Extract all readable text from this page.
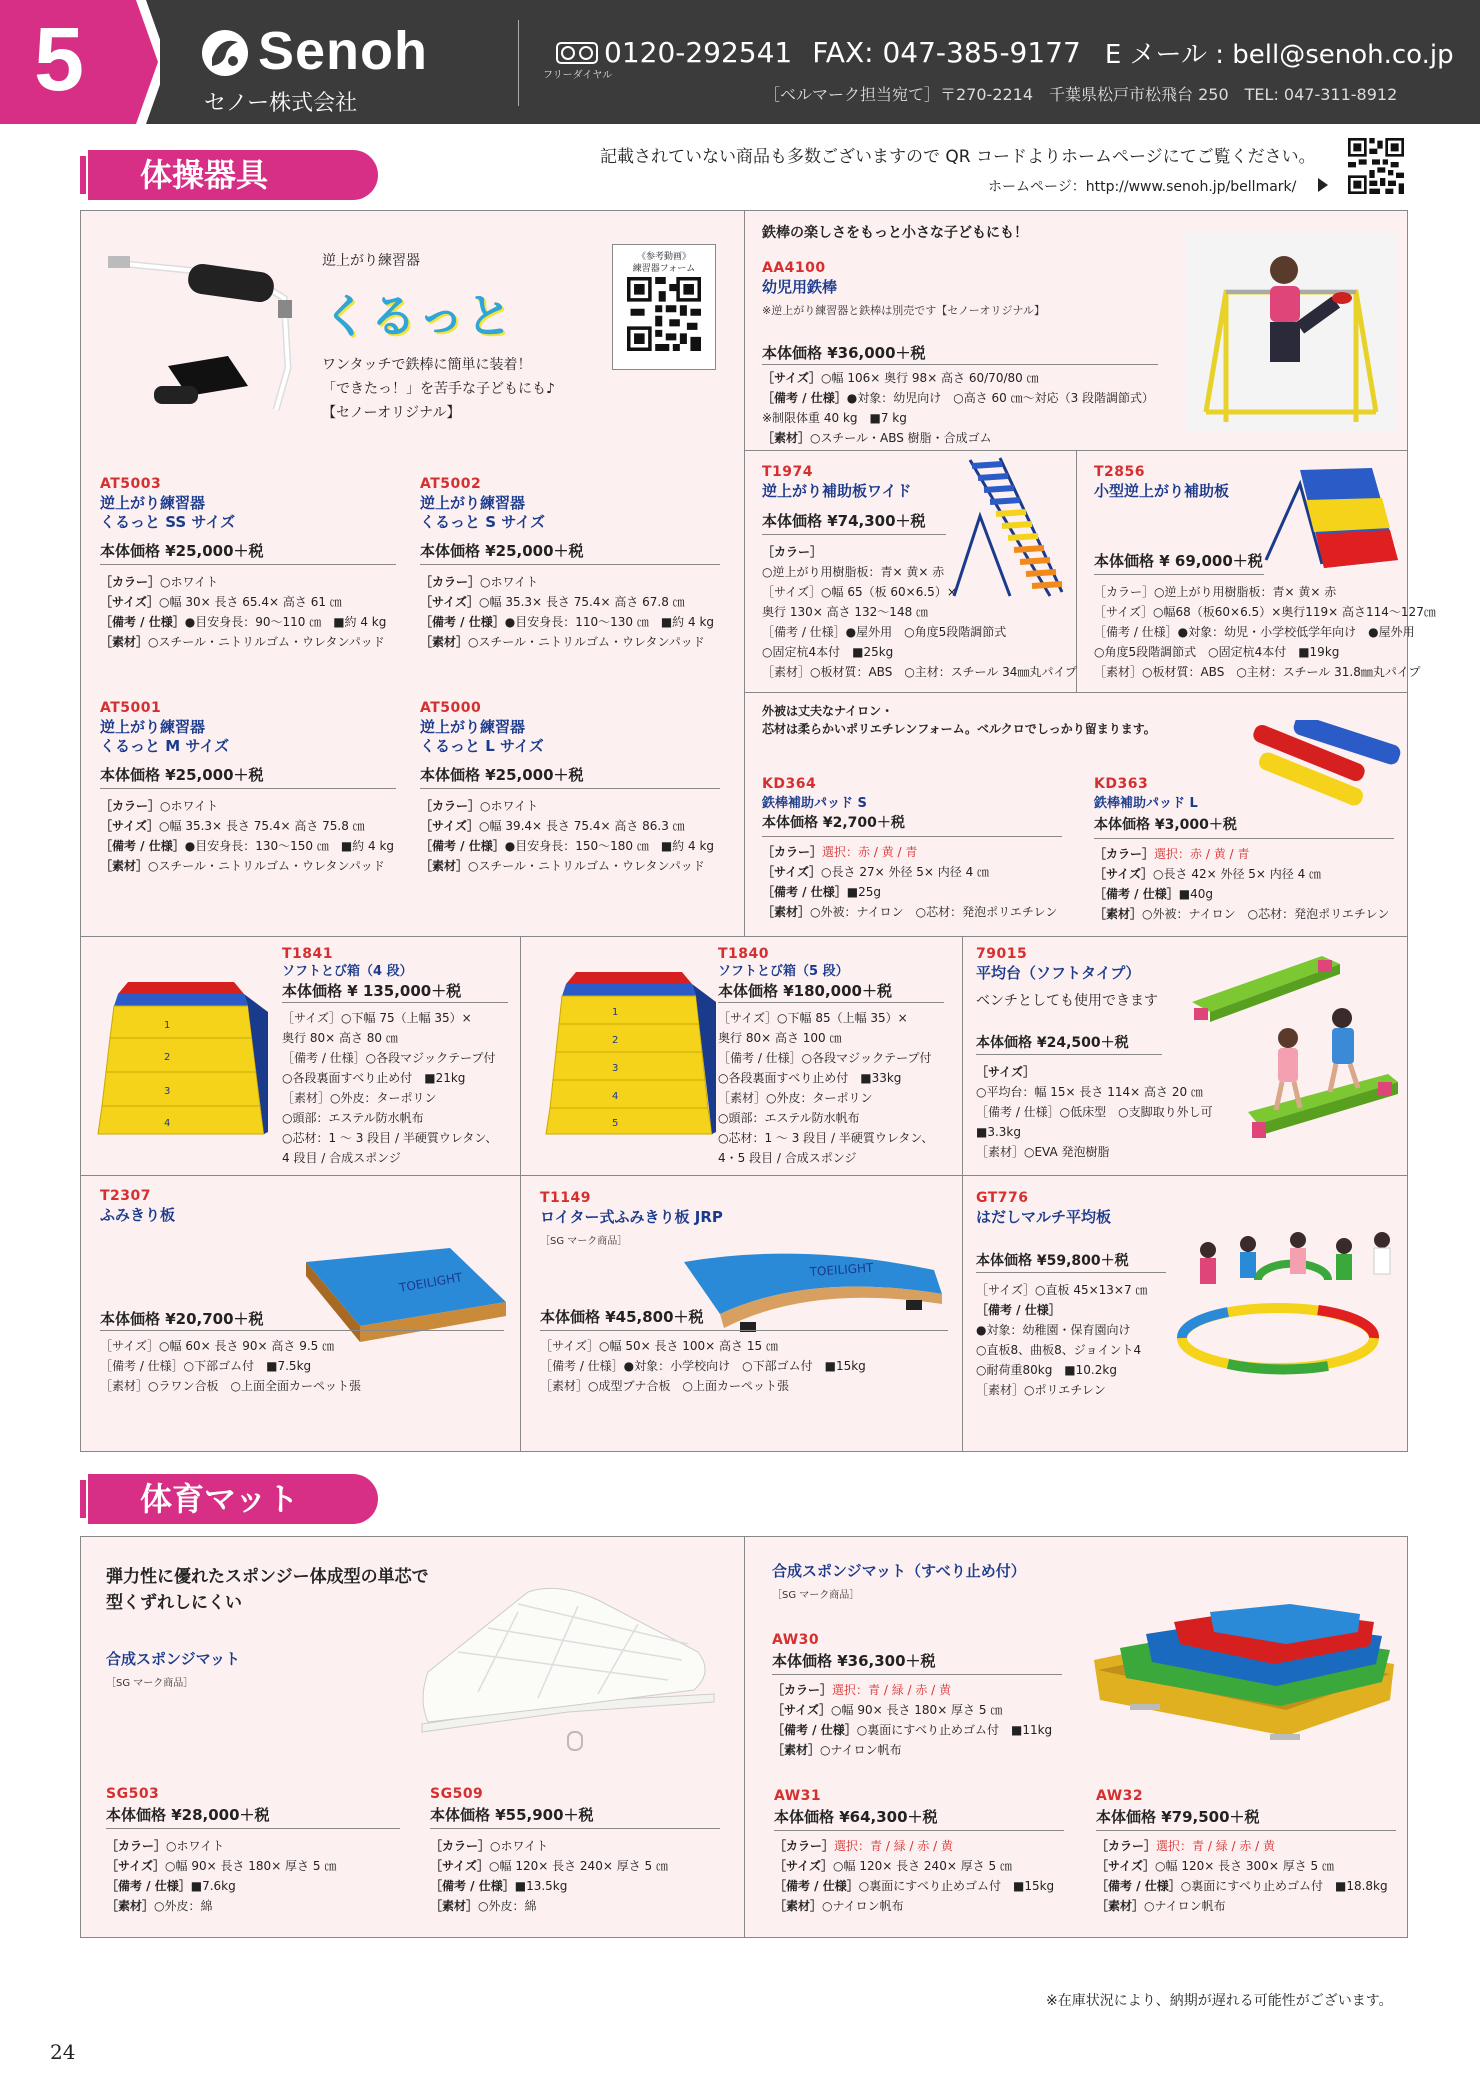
5	Senoh
セノー株式会社
0120-292541 FAX: 047-385-9177 E メール : bell@senoh.co.jp
フリーダイヤル
［ベルマーク担当宛て］〒270-2214　千葉県松戸市松飛台 250　TEL: 047-311-8912
体操器具	記載されていない商品も多数ございますので QR コードよりホームページにてご覧ください。
ホームページ：http://www.senoh.jp/bellmark/
逆上がり練習器
くるっと
ワンタッチで鉄棒に簡単に装着！
「できたっ！」を苦手な子どもにも♪
【セノーオリジナル】
《参考動画》
練習器フォーム
AT5003
逆上がり練習器
くるっと SS サイズ
本体価格 ¥25,000＋税
［カラー］○ホワイト
［サイズ］○幅 30× 長さ 65.4× 高さ 61 ㎝
［備考 / 仕様］●目安身長：90～110 ㎝　■約 4 kg
［素材］○スチール・ニトリルゴム・ウレタンパッド
AT5002
逆上がり練習器
くるっと S サイズ
本体価格 ¥25,000＋税
［カラー］○ホワイト
［サイズ］○幅 35.3× 長さ 75.4× 高さ 67.8 ㎝
［備考 / 仕様］●目安身長：110～130 ㎝　■約 4 kg
［素材］○スチール・ニトリルゴム・ウレタンパッド
AT5001
逆上がり練習器
くるっと M サイズ
本体価格 ¥25,000＋税
［カラー］○ホワイト
［サイズ］○幅 35.3× 長さ 75.4× 高さ 75.8 ㎝
［備考 / 仕様］●目安身長：130～150 ㎝　■約 4 kg
［素材］○スチール・ニトリルゴム・ウレタンパッド
AT5000
逆上がり練習器
くるっと L サイズ
本体価格 ¥25,000＋税
［カラー］○ホワイト
［サイズ］○幅 39.4× 長さ 75.4× 高さ 86.3 ㎝
［備考 / 仕様］●目安身長：150～180 ㎝　■約 4 kg
［素材］○スチール・ニトリルゴム・ウレタンパッド
鉄棒の楽しさをもっと小さな子どもにも！
AA4100
幼児用鉄棒
※逆上がり練習器と鉄棒は別売です【セノーオリジナル】
本体価格 ¥36,000＋税
［サイズ］○幅 106× 奥行 98× 高さ 60/70/80 ㎝
［備考 / 仕様］●対象：幼児向け　○高さ 60 ㎝～対応（3 段階調節式）
※制限体重 40 kg　■7 kg
［素材］○スチール・ABS 樹脂・合成ゴム
T1974
逆上がり補助板ワイド
本体価格 ¥74,300＋税
［カラー］
○逆上がり用樹脂板：青× 黄× 赤
［サイズ］○幅 65（板 60×6.5）×
奥行 130× 高さ 132～148 ㎝
［備考 / 仕様］●屋外用　○角度5段階調節式
○固定杭4本付　■25kg
［素材］○板材質：ABS　○主材：スチール 34㎜丸パイプ
T2856
小型逆上がり補助板
本体価格 ¥ 69,000＋税
［カラー］○逆上がり用樹脂板：青× 黄× 赤
［サイズ］○幅68（板60×6.5）×奥行119× 高さ114～127㎝
［備考 / 仕様］●対象：幼児・小学校低学年向け　●屋外用
○角度5段階調節式　○固定杭4本付　■19kg
［素材］○板材質：ABS　○主材：スチール 31.8㎜丸パイプ
外被は丈夫なナイロン・
芯材は柔らかいポリエチレンフォーム。ベルクロでしっかり留まります。
KD364
鉄棒補助パッド S
本体価格 ¥2,700＋税
［カラー］選択：赤 / 黄 / 青
［サイズ］○長さ 27× 外径 5× 内径 4 ㎝
［備考 / 仕様］■25g
［素材］○外被：ナイロン　○芯材：発泡ポリエチレン
KD363
鉄棒補助パッド L
本体価格 ¥3,000＋税
［カラー］選択：赤 / 黄 / 青
［サイズ］○長さ 42× 外径 5× 内径 4 ㎝
［備考 / 仕様］■40g
［素材］○外被：ナイロン　○芯材：発泡ポリエチレン
1
2
3
4
T1841
ソフトとび箱（4 段）
本体価格 ¥ 135,000＋税
［サイズ］○下幅 75（上幅 35）×
奥行 80× 高さ 80 ㎝
［備考 / 仕様］○各段マジックテープ付
○各段裏面すべり止め付　■21kg
［素材］○外皮：ターポリン
○頭部：エステル防水帆布
○芯材：1 ～ 3 段目 / 半硬質ウレタン、
4 段目 / 合成スポンジ
1
2
3
4
5
T1840
ソフトとび箱（5 段）
本体価格 ¥180,000＋税
［サイズ］○下幅 85（上幅 35）×
奥行 80× 高さ 100 ㎝
［備考 / 仕様］○各段マジックテープ付
○各段裏面すべり止め付　■33kg
［素材］○外皮：ターポリン
○頭部：エステル防水帆布
○芯材：1 ～ 3 段目 / 半硬質ウレタン、
4・5 段目 / 合成スポンジ
79015
平均台（ソフトタイプ）
ベンチとしても使用できます
本体価格 ¥24,500＋税
［サイズ］
○平均台：幅 15× 長さ 114× 高さ 20 ㎝
［備考 / 仕様］○低床型　○支脚取り外し可
■3.3kg
［素材］○EVA 発泡樹脂
T2307
ふみきり板
TOEILIGHT
本体価格 ¥20,700＋税
［サイズ］○幅 60× 長さ 90× 高さ 9.5 ㎝
［備考 / 仕様］○下部ゴム付　■7.5kg
［素材］○ラワン合板　○上面全面カーペット張
T1149
ロイター式ふみきり板 JRP
［SG マーク商品］
TOEILIGHT
本体価格 ¥45,800＋税
［サイズ］○幅 50× 長さ 100× 高さ 15 ㎝
［備考 / 仕様］●対象：小学校向け　○下部ゴム付　■15kg
［素材］○成型ブナ合板　○上面カーペット張
GT776
はだしマルチ平均板
本体価格 ¥59,800＋税
［サイズ］○直板 45×13×7 ㎝
［備考 / 仕様］
●対象：幼稚園・保育園向け
○直板8、曲板8、ジョイント4
○耐荷重80kg　■10.2kg
［素材］○ポリエチレン
体育マット
弾力性に優れたスポンジー体成型の単芯で
型くずれしにくい
合成スポンジマット
［SG マーク商品］
SG503
本体価格 ¥28,000＋税
［カラー］○ホワイト
［サイズ］○幅 90× 長さ 180× 厚さ 5 ㎝
［備考 / 仕様］■7.6kg
［素材］○外皮：綿
SG509
本体価格 ¥55,900＋税
［カラー］○ホワイト
［サイズ］○幅 120× 長さ 240× 厚さ 5 ㎝
［備考 / 仕様］■13.5kg
［素材］○外皮：綿
合成スポンジマット（すべり止め付）
［SG マーク商品］
AW30
本体価格 ¥36,300＋税
［カラー］選択：青 / 緑 / 赤 / 黄
［サイズ］○幅 90× 長さ 180× 厚さ 5 ㎝
［備考 / 仕様］○裏面にすべり止めゴム付　■11kg
［素材］○ナイロン帆布
AW31
本体価格 ¥64,300＋税
［カラー］選択：青 / 緑 / 赤 / 黄
［サイズ］○幅 120× 長さ 240× 厚さ 5 ㎝
［備考 / 仕様］○裏面にすべり止めゴム付　■15kg
［素材］○ナイロン帆布
AW32
本体価格 ¥79,500＋税
［カラー］選択：青 / 緑 / 赤 / 黄
［サイズ］○幅 120× 長さ 300× 厚さ 5 ㎝
［備考 / 仕様］○裏面にすべり止めゴム付　■18.8kg
［素材］○ナイロン帆布
※在庫状況により、納期が遅れる可能性がございます。
24
